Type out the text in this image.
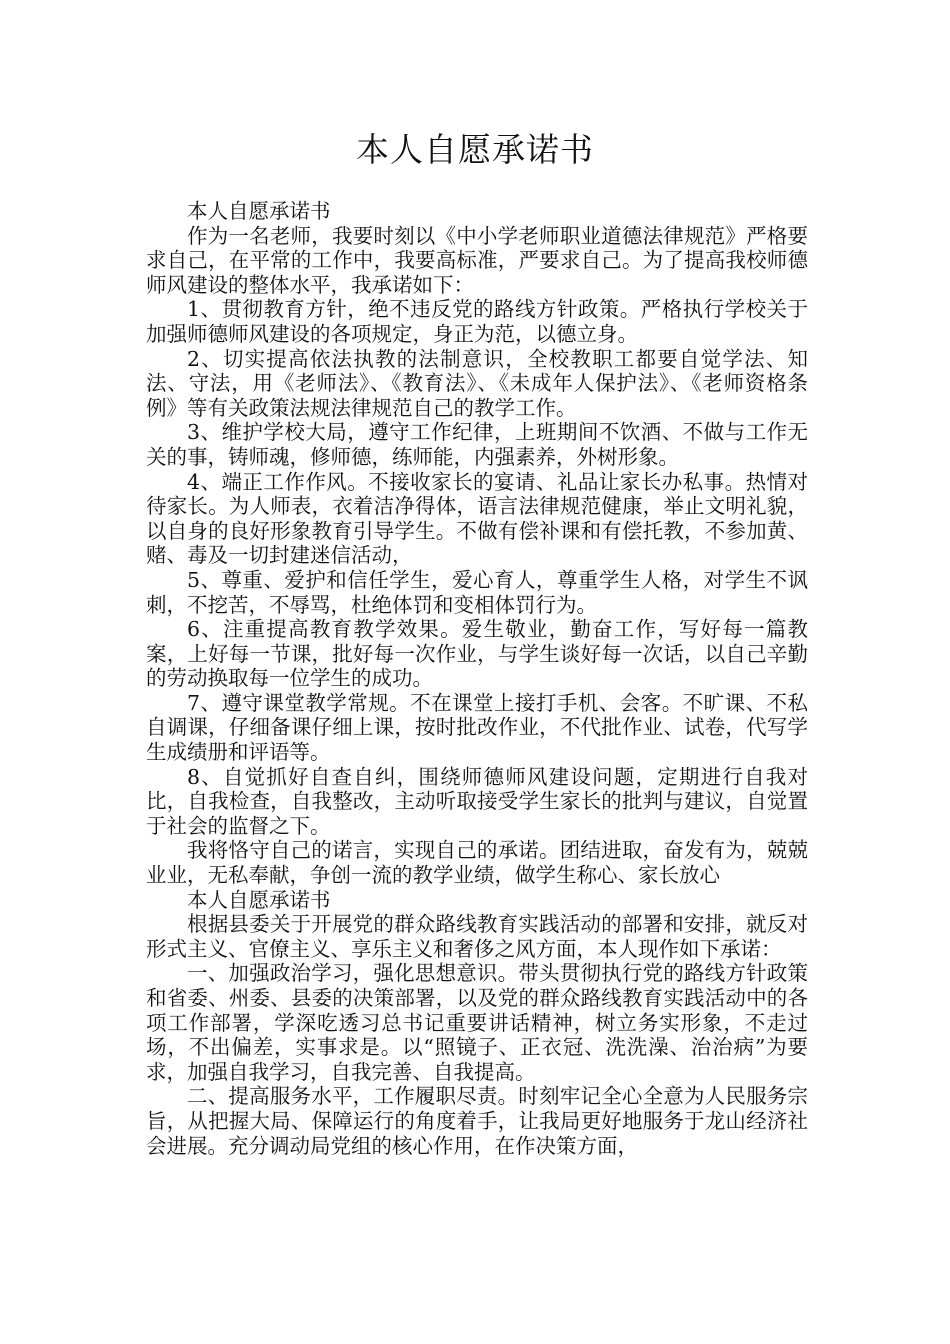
本人自愿承诺书

本人自愿承诺书

作为一名老师，我要时刻以《中小学老师职业道德法律规范》严格要求自己，在平常的工作中，我要高标准，严要求自己。为了提高我校师德师风建设的整体水平，我承诺如下：

1、贯彻教育方针，绝不违反党的路线方针政策。严格执行学校关于加强师德师风建设的各项规定，身正为范，以德立身。

2、切实提高依法执教的法制意识，全校教职工都要自觉学法、知法、守法，用《老师法》、《教育法》、《未成年人保护法》、《老师资格条例》等有关政策法规法律规范自己的教学工作。

3、维护学校大局，遵守工作纪律，上班期间不饮酒、不做与工作无关的事，铸师魂，修师德，练师能，内强素养，外树形象。

4、端正工作作风。不接收家长的宴请、礼品让家长办私事。热情对待家长。为人师表，衣着洁净得体，语言法律规范健康，举止文明礼貌，以自身的良好形象教育引导学生。不做有偿补课和有偿托教，不参加黄、赌、毒及一切封建迷信活动，

5、尊重、爱护和信任学生，爱心育人，尊重学生人格，对学生不讽刺，不挖苦，不辱骂，杜绝体罚和变相体罚行为。

6、注重提高教育教学效果。爱生敬业，勤奋工作，写好每一篇教案，上好每一节课，批好每一次作业，与学生谈好每一次话，以自己辛勤的劳动换取每一位学生的成功。

7、遵守课堂教学常规。不在课堂上接打手机、会客。不旷课、不私自调课，仔细备课仔细上课，按时批改作业，不代批作业、试卷，代写学生成绩册和评语等。

8、自觉抓好自查自纠，围绕师德师风建设问题，定期进行自我对比，自我检查，自我整改，主动听取接受学生家长的批判与建议，自觉置于社会的监督之下。

我将恪守自己的诺言，实现自己的承诺。团结进取，奋发有为，兢兢业业，无私奉献，争创一流的教学业绩，做学生称心、家长放心

本人自愿承诺书

根据县委关于开展党的群众路线教育实践活动的部署和安排，就反对形式主义、官僚主义、享乐主义和奢侈之风方面，本人现作如下承诺：

一、加强政治学习，强化思想意识。带头贯彻执行党的路线方针政策和省委、州委、县委的决策部署，以及党的群众路线教育实践活动中的各项工作部署，学深吃透习总书记重要讲话精神，树立务实形象，不走过场，不出偏差，实事求是。以“照镜子、正衣冠、洗洗澡、治治病”为要求，加强自我学习，自我完善、自我提高。

二、提高服务水平，工作履职尽责。时刻牢记全心全意为人民服务宗旨，从把握大局、保障运行的角度着手，让我局更好地服务于龙山经济社会进展。充分调动局党组的核心作用，在作决策方面，
